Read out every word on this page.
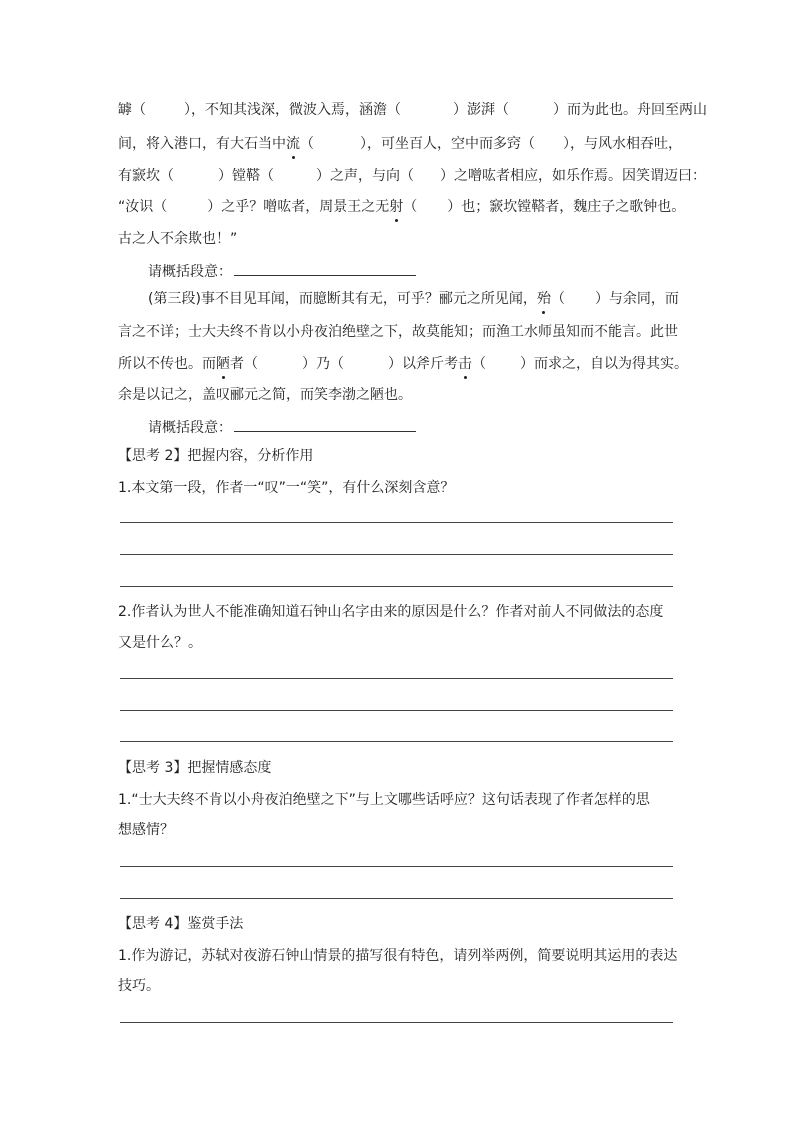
罅（	），不知其浅深，微波入焉，涵澹（	）澎湃（	）而为此也。舟回至两山
间，将入港口，有大石当中流（	），可坐百人，空中而多窍（ ），与风水相吞吐，
有窾坎（	）镗鞳（	）之声，与向（ ）之噌吰者相应，如乐作焉。因笑谓迈曰：
“汝识（	）之乎？噌吰者，周景王之无射（ ）也；窾坎镗鞳者，魏庄子之歌钟也。
古之人不余欺也！”
请概括段意：
(第三段)事不目见耳闻，而臆断其有无，可乎？郦元之所见闻，殆（ ）与余同，而
言之不详；士大夫终不肯以小舟夜泊绝壁之下，故莫能知；而渔工水师虽知而不能言。此世
所以不传也。而陋者（	）乃（	）以斧斤考击（ ）而求之，自以为得其实。
余是以记之，盖叹郦元之简，而笑李渤之陋也。
请概括段意：
【思考 2】把握内容，分析作用
1.本文第一段，作者一“叹”一“笑”，有什么深刻含意？
2.作者认为世人不能准确知道石钟山名字由来的原因是什么？作者对前人不同做法的态度
又是什么？。
【思考 3】把握情感态度
1.“士大夫终不肯以小舟夜泊绝壁之下”与上文哪些话呼应？这句话表现了作者怎样的思
想感情？
【思考 4】鉴赏手法
1.作为游记，苏轼对夜游石钟山情景的描写很有特色，请列举两例，简要说明其运用的表达
技巧。
